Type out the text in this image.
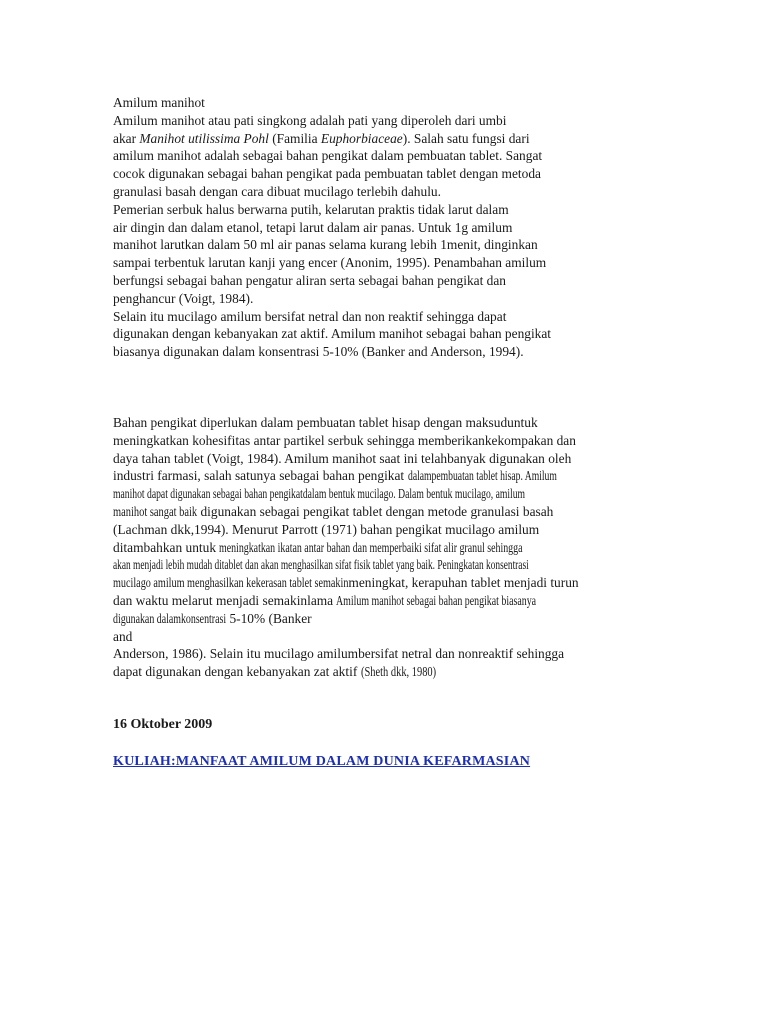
Amilum manihot
Amilum manihot atau pati singkong adalah pati yang diperoleh dari umbi
akar Manihot utilissima Pohl (Familia Euphorbiaceae). Salah satu fungsi dari
amilum manihot adalah sebagai bahan pengikat dalam pembuatan tablet. Sangat
cocok digunakan sebagai bahan pengikat pada pembuatan tablet dengan metoda
granulasi basah dengan cara dibuat mucilago terlebih dahulu.
Pemerian serbuk halus berwarna putih, kelarutan praktis tidak larut dalam
air dingin dan dalam etanol, tetapi larut dalam air panas. Untuk 1g amilum
manihot larutkan dalam 50 ml air panas selama kurang lebih 1menit, dinginkan
sampai terbentuk larutan kanji yang encer (Anonim, 1995). Penambahan amilum
berfungsi sebagai bahan pengatur aliran serta sebagai bahan pengikat dan
penghancur (Voigt, 1984).
Selain itu mucilago amilum bersifat netral dan non reaktif sehingga dapat
digunakan dengan kebanyakan zat aktif. Amilum manihot sebagai bahan pengikat
biasanya digunakan dalam konsentrasi 5-10% (Banker and Anderson, 1994).
Bahan pengikat diperlukan dalam pembuatan tablet hisap dengan maksuduntuk
meningkatkan kohesifitas antar partikel serbuk sehingga memberikankekompakan dan
daya tahan tablet (Voigt, 1984). Amilum manihot saat ini telahbanyak digunakan oleh
industri farmasi, salah satunya sebagai bahan pengikat dalampembuatan tablet hisap. Amilum
manihot dapat digunakan sebagai bahan pengikatdalam bentuk mucilago. Dalam bentuk mucilago, amilum
manihot sangat baik digunakan sebagai pengikat tablet dengan metode granulasi basah
(Lachman dkk,1994). Menurut Parrott (1971) bahan pengikat mucilago amilum
ditambahkan untuk meningkatkan ikatan antar bahan dan memperbaiki sifat alir granul sehingga
akan menjadi lebih mudah ditablet dan akan menghasilkan sifat fisik tablet yang baik. Peningkatan konsentrasi
mucilago amilum menghasilkan kekerasan tablet semakinmeningkat, kerapuhan tablet menjadi turun
dan waktu melarut menjadi semakinlama Amilum manihot sebagai bahan pengikat biasanya
digunakan dalamkonsentrasi 5-10% (Banker
and
Anderson, 1986). Selain itu mucilago amilumbersifat netral dan nonreaktif sehingga
dapat digunakan dengan kebanyakan zat aktif (Sheth dkk, 1980)
16 Oktober 2009
KULIAH:MANFAAT AMILUM DALAM DUNIA KEFARMASIAN
